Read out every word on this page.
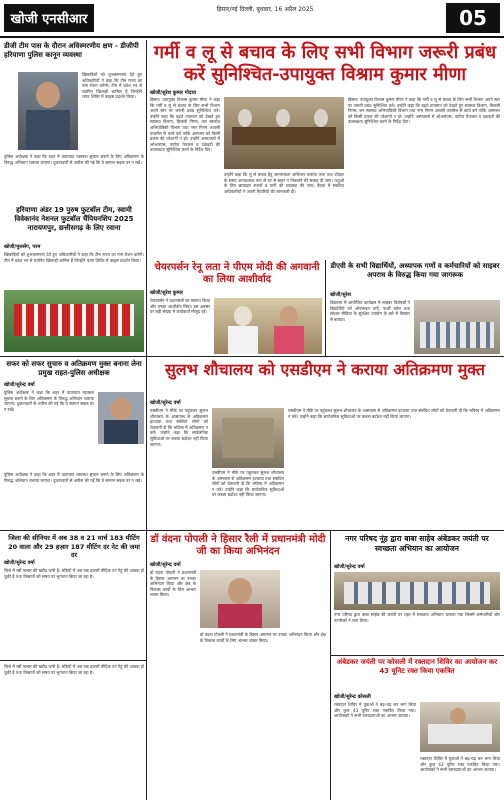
खोजी एनसीआर
हिसार/नई दिल्ली, बुधवार, 16 अप्रैल 2025	05
डीजी टीम पास के दौरान अविस्मरणीय क्षण - डीजीपी हरियाणा पुलिस कानून व्यवस्था
खिलाड़ियों को शुभकामनाएं देते हुए अधिकारियों ने कहा कि टीम राज्य का नाम रोशन करेगी। टीम में प्रदेश भर से चयनित खिलाड़ी शामिल हैं जिन्होंने चयन शिविर में उत्कृष्ट प्रदर्शन किया।
पुलिस अधीक्षक ने कहा कि शहर में यातायात व्यवस्था सुचारु बनाने के लिए अतिक्रमण के विरुद्ध अभियान चलाया जाएगा। दुकानदारों से अपील की गई कि वे सामान सड़क पर न रखें।
हरियाणा अंडर 19 पुरुष फुटबॉल टीम, स्वामी विवेकानंद नेशनल फुटबॉल चैंपियनशिप 2025 नारायणपुर, छत्तीसगढ़ के लिए रवाना
खोजी/मुलसेंग, परम
खिलाड़ियों को शुभकामनाएं देते हुए अधिकारियों ने कहा कि टीम राज्य का नाम रोशन करेगी। टीम में प्रदेश भर से चयनित खिलाड़ी शामिल हैं जिन्होंने चयन शिविर में उत्कृष्ट प्रदर्शन किया।
गर्मी व लू से बचाव के लिए सभी विभाग जरूरी प्रबंध करें सुनिश्चित-उपायुक्त विश्राम कुमार मीणा
खोजी/सुरेश कुमार गोदारा
हिसार। उपायुक्त विश्राम कुमार मीणा ने कहा कि गर्मी व लू से बचाव के लिए सभी विभाग अपने स्तर पर जरूरी प्रबंध सुनिश्चित करें। उन्होंने कहा कि बढ़ते तापमान को देखते हुए स्वास्थ्य विभाग, बिजली निगम, जन स्वास्थ्य अभियांत्रिकी विभाग तथा नगर निगम आपसी तालमेल से कार्य करें ताकि आमजन को किसी प्रकार की परेशानी न हो। उन्होंने अस्पतालों में ओआरएस, पर्याप्त पेयजल व दवाइयों की उपलब्धता सुनिश्चित करने के निर्देश दिए।
उन्होंने कहा कि लू से बचाव हेतु जागरूकता अभियान चलाया जाए तथा दोपहर के समय अनावश्यक रूप से घर से बाहर न निकलने की सलाह दी जाए। पशुओं के लिए छायादार स्थानों व पानी की व्यवस्था की जाए। बैठक में संबंधित अधिकारियों ने अपनी तैयारियों की जानकारी दी।
हिसार। उपायुक्त विश्राम कुमार मीणा ने कहा कि गर्मी व लू से बचाव के लिए सभी विभाग अपने स्तर पर जरूरी प्रबंध सुनिश्चित करें। उन्होंने कहा कि बढ़ते तापमान को देखते हुए स्वास्थ्य विभाग, बिजली निगम, जन स्वास्थ्य अभियांत्रिकी विभाग तथा नगर निगम आपसी तालमेल से कार्य करें ताकि आमजन को किसी प्रकार की परेशानी न हो। उन्होंने अस्पतालों में ओआरएस, पर्याप्त पेयजल व दवाइयों की उपलब्धता सुनिश्चित करने के निर्देश दिए।
चेयरपर्सन रेनू लता ने पीएम मोदी की अगवानी का लिया आशीर्वाद
खोजी/सुरेश कुमार
चेयरपर्सन ने प्रधानमंत्री का स्वागत किया और उनका आशीर्वाद लिया। इस अवसर पर बड़ी संख्या में कार्यकर्ता मौजूद रहे।
डीएवी के सभी विद्यार्थियों, अध्यापक गणों व कर्मचारियों को साइबर अपराध के विरुद्ध किया गया जागरूक
खोजी/सुरेश
विद्यालय में आयोजित कार्यक्रम में साइबर विशेषज्ञों ने विद्यार्थियों को ऑनलाइन ठगी, फर्जी कॉल तथा सोशल मीडिया के सुरक्षित उपयोग के बारे में विस्तार से बताया।
सफर को सफर सुचारु व अतिक्रमण मुक्त बनाना लेना प्रमुख राहत-पुलिस अधीक्षक
खोजी/सुरेन्द्र वर्मा
पुलिस अधीक्षक ने कहा कि शहर में यातायात व्यवस्था सुचारु बनाने के लिए अतिक्रमण के विरुद्ध अभियान चलाया जाएगा। दुकानदारों से अपील की गई कि वे सामान सड़क पर न रखें।
पुलिस अधीक्षक ने कहा कि शहर में यातायात व्यवस्था सुचारु बनाने के लिए अतिक्रमण के विरुद्ध अभियान चलाया जाएगा। दुकानदारों से अपील की गई कि वे सामान सड़क पर न रखें।
सुलभ शौचालय को एसडीएम ने कराया अतिक्रमण मुक्त
खोजी/सुरेन्द्र वर्मा
एसडीएम ने मौके पर पहुंचकर सुलभ शौचालय के आसपास से अतिक्रमण हटवाया तथा संबंधित लोगों को चेतावनी दी कि भविष्य में अतिक्रमण न करें। उन्होंने कहा कि सार्वजनिक सुविधाओं पर कब्जा बर्दाश्त नहीं किया जाएगा।
एसडीएम ने मौके पर पहुंचकर सुलभ शौचालय के आसपास से अतिक्रमण हटवाया तथा संबंधित लोगों को चेतावनी दी कि भविष्य में अतिक्रमण न करें। उन्होंने कहा कि सार्वजनिक सुविधाओं पर कब्जा बर्दाश्त नहीं किया जाएगा।
एसडीएम ने मौके पर पहुंचकर सुलभ शौचालय के आसपास से अतिक्रमण हटवाया तथा संबंधित लोगों को चेतावनी दी कि भविष्य में अतिक्रमण न करें। उन्होंने कहा कि सार्वजनिक सुविधाओं पर कब्जा बर्दाश्त नहीं किया जाएगा।
जिला की सीनियर में अब 38 व 21 मार्च 183 मीटिंग 20 वाला और 29 हज़ार 187 मीटिंग दर नेट की जमा दर
खोजी/सुरेन्द्र वर्मा
जिले में रबी फसल की खरीद जारी है। मंडियों में अब तक हजारों मीट्रिक टन गेहूं की आवक हो चुकी है तथा किसानों को समय पर भुगतान किया जा रहा है।
जिले में रबी फसल की खरीद जारी है। मंडियों में अब तक हजारों मीट्रिक टन गेहूं की आवक हो चुकी है तथा किसानों को समय पर भुगतान किया जा रहा है।
डॉ वंदना पोपली ने हिसार रैली में प्रधानमंत्री मोदी जी का किया अभिनंदन
खोजी/सुरेन्द्र वर्मा
डॉ वंदना पोपली ने प्रधानमंत्री के हिसार आगमन पर उनका अभिनंदन किया और क्षेत्र के विकास कार्यों के लिए आभार व्यक्त किया।
डॉ वंदना पोपली ने प्रधानमंत्री के हिसार आगमन पर उनका अभिनंदन किया और क्षेत्र के विकास कार्यों के लिए आभार व्यक्त किया।
नगर परिषद नूंह द्वारा बाबा साहेब अंबेडकर जयंती पर स्वच्छता अभियान का आयोजन
खोजी/सुरेन्द्र वर्मा
नगर परिषद द्वारा बाबा साहेब की जयंती पर शहर में स्वच्छता अभियान चलाया गया जिसमें कर्मचारियों और नागरिकों ने भाग लिया।
अंबेडकर जयंती पर कोसली में रक्तदान शिविर का आयोजन कर 43 यूनिट रक्त किया एकत्रित
खोजी/सुरेन्द्र कोसली
रक्तदान शिविर में युवाओं ने बढ़-चढ़ कर भाग लिया और कुल 43 यूनिट रक्त एकत्रित किया गया। आयोजकों ने सभी रक्तदाताओं का आभार जताया।
रक्तदान शिविर में युवाओं ने बढ़-चढ़ कर भाग लिया और कुल 43 यूनिट रक्त एकत्रित किया गया। आयोजकों ने सभी रक्तदाताओं का आभार जताया।
